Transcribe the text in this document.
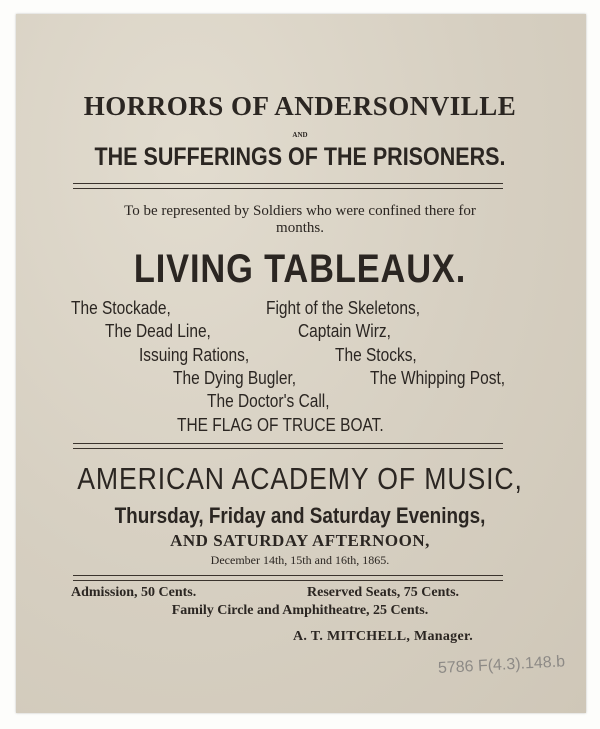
HORRORS OF ANDERSONVILLE
AND
THE SUFFERINGS OF THE PRISONERS.
To be represented by Soldiers who were confined there for
months.
LIVING TABLEAUX.
The Stockade,	Fight of the Skeletons,
The Dead Line,	Captain Wirz,
Issuing Rations,	The Stocks,
The Dying Bugler,	The Whipping Post,
The Doctor's Call,
THE FLAG OF TRUCE BOAT.
AMERICAN ACADEMY OF MUSIC,
Thursday, Friday and Saturday Evenings,
AND SATURDAY AFTERNOON,
December 14th, 15th and 16th, 1865.
Admission, 50 Cents.	Reserved Seats, 75 Cents.
Family Circle and Amphitheatre, 25 Cents.
A. T. MITCHELL, Manager.
5786 F(4.3).148.b
